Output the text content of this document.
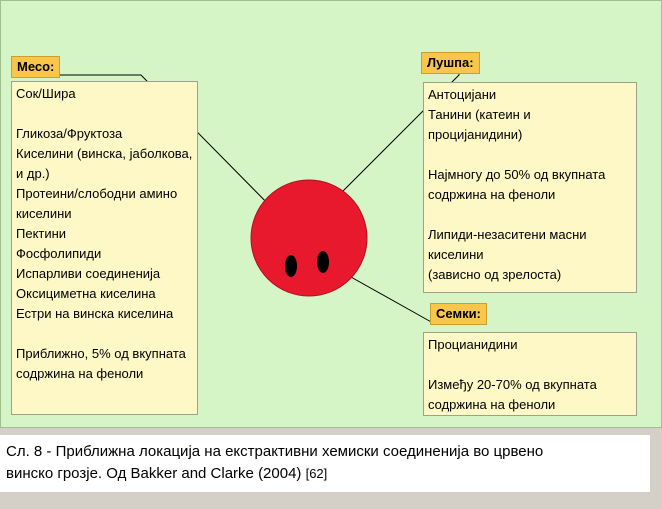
Месо:
Сок/Шира
Гликоза/Фруктоза
Киселини (винска, јаболкова,
и др.)
Протеини/слободни амино
киселини
Пектини
Фосфолипиди
Испарливи соединенија
Оксициметна киселина
Естри на винска киселина
Приближно, 5% од вкупната
содржина на феноли
Лушпа:
Антоцијани
Танини (катеин и
процијанидини)
Најмногу до 50% од вкупната
содржина на феноли
Липиди-незаситени масни
киселини
(зависно од зрелоста)
Семки:
Процианидини
Између 20-70% од вкупната
содржина на феноли
Сл. 8 - Приближна локација на екстрактивни хемиски соединенија во црвено
винско грозје. Од Bakker and Clarke (2004) [62]
